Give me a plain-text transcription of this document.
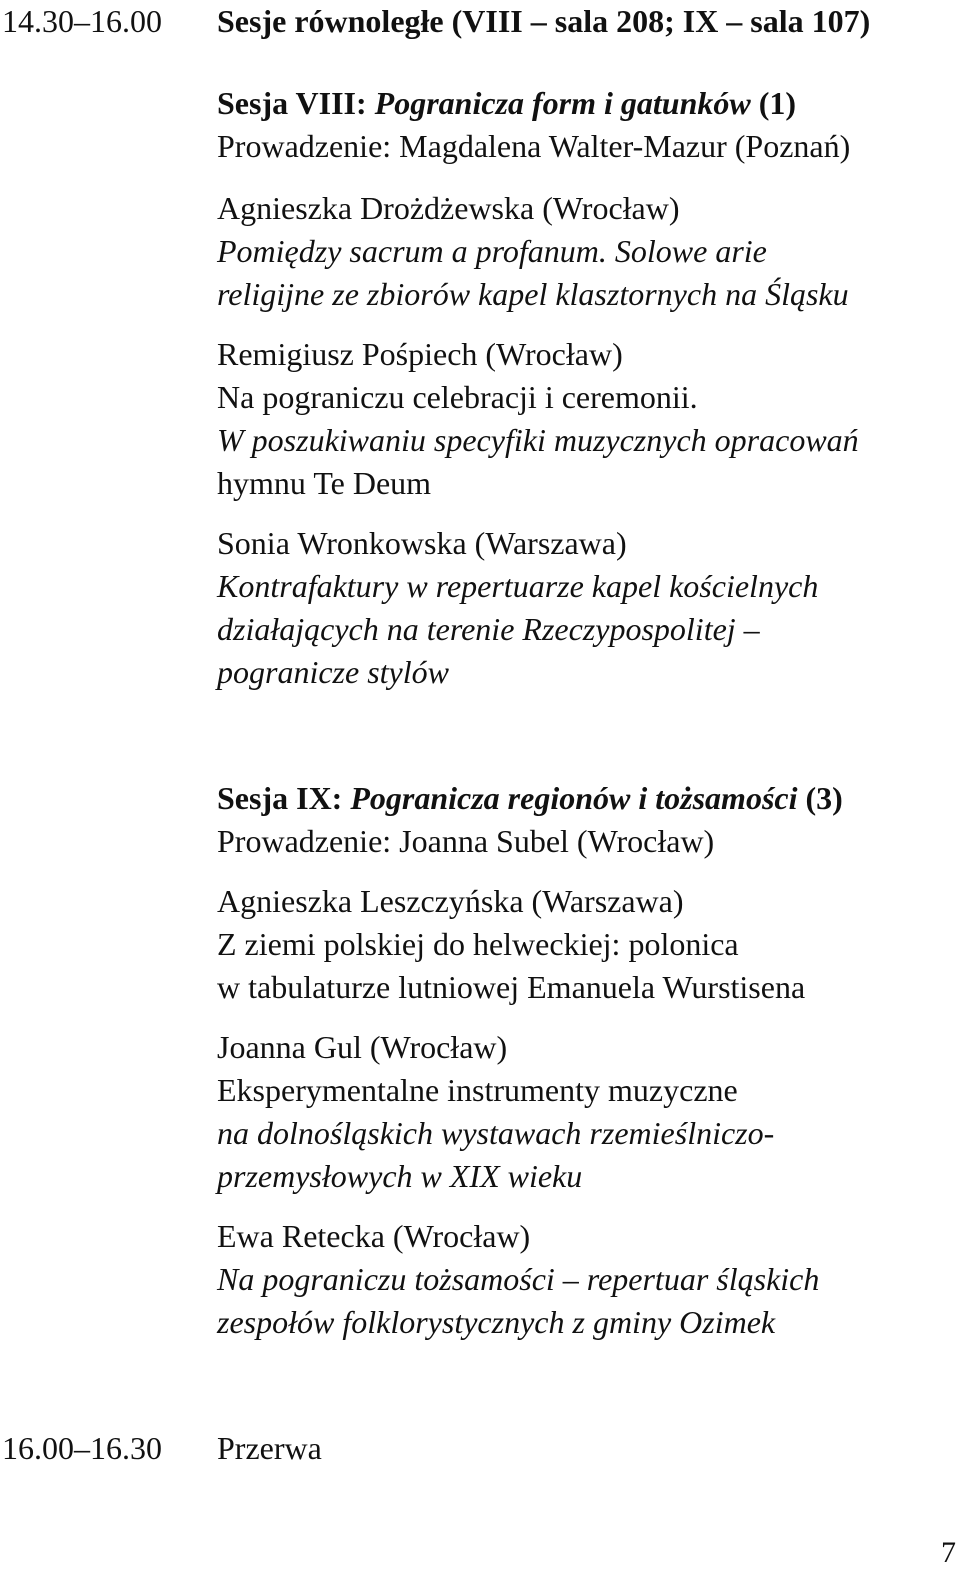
14.30–16.00 Sesje równoległe (VIII – sala 208; IX – sala 107)
Sesja VIII: Pogranicza form i gatunków (1)
Prowadzenie: Magdalena Walter-Mazur (Poznań)
Agnieszka Drożdżewska (Wrocław)
Pomiędzy sacrum a profanum. Solowe arie
religijne ze zbiorów kapel klasztornych na Śląsku
Remigiusz Pośpiech (Wrocław)
Na pograniczu celebracji i ceremonii.
W poszukiwaniu specyfiki muzycznych opracowań
hymnu Te Deum
Sonia Wronkowska (Warszawa)
Kontrafaktury w repertuarze kapel kościelnych
działających na terenie Rzeczypospolitej –
pogranicze stylów
Sesja IX: Pogranicza regionów i tożsamości (3)
Prowadzenie: Joanna Subel (Wrocław)
Agnieszka Leszczyńska (Warszawa)
Z ziemi polskiej do helweckiej: polonica
w tabulaturze lutniowej Emanuela Wurstisena
Joanna Gul (Wrocław)
Eksperymentalne instrumenty muzyczne
na dolnośląskich wystawach rzemieślniczo-
przemysłowych w XIX wieku
Ewa Retecka (Wrocław)
Na pograniczu tożsamości – repertuar śląskich
zespołów folklorystycznych z gminy Ozimek
16.00–16.30 Przerwa
7
